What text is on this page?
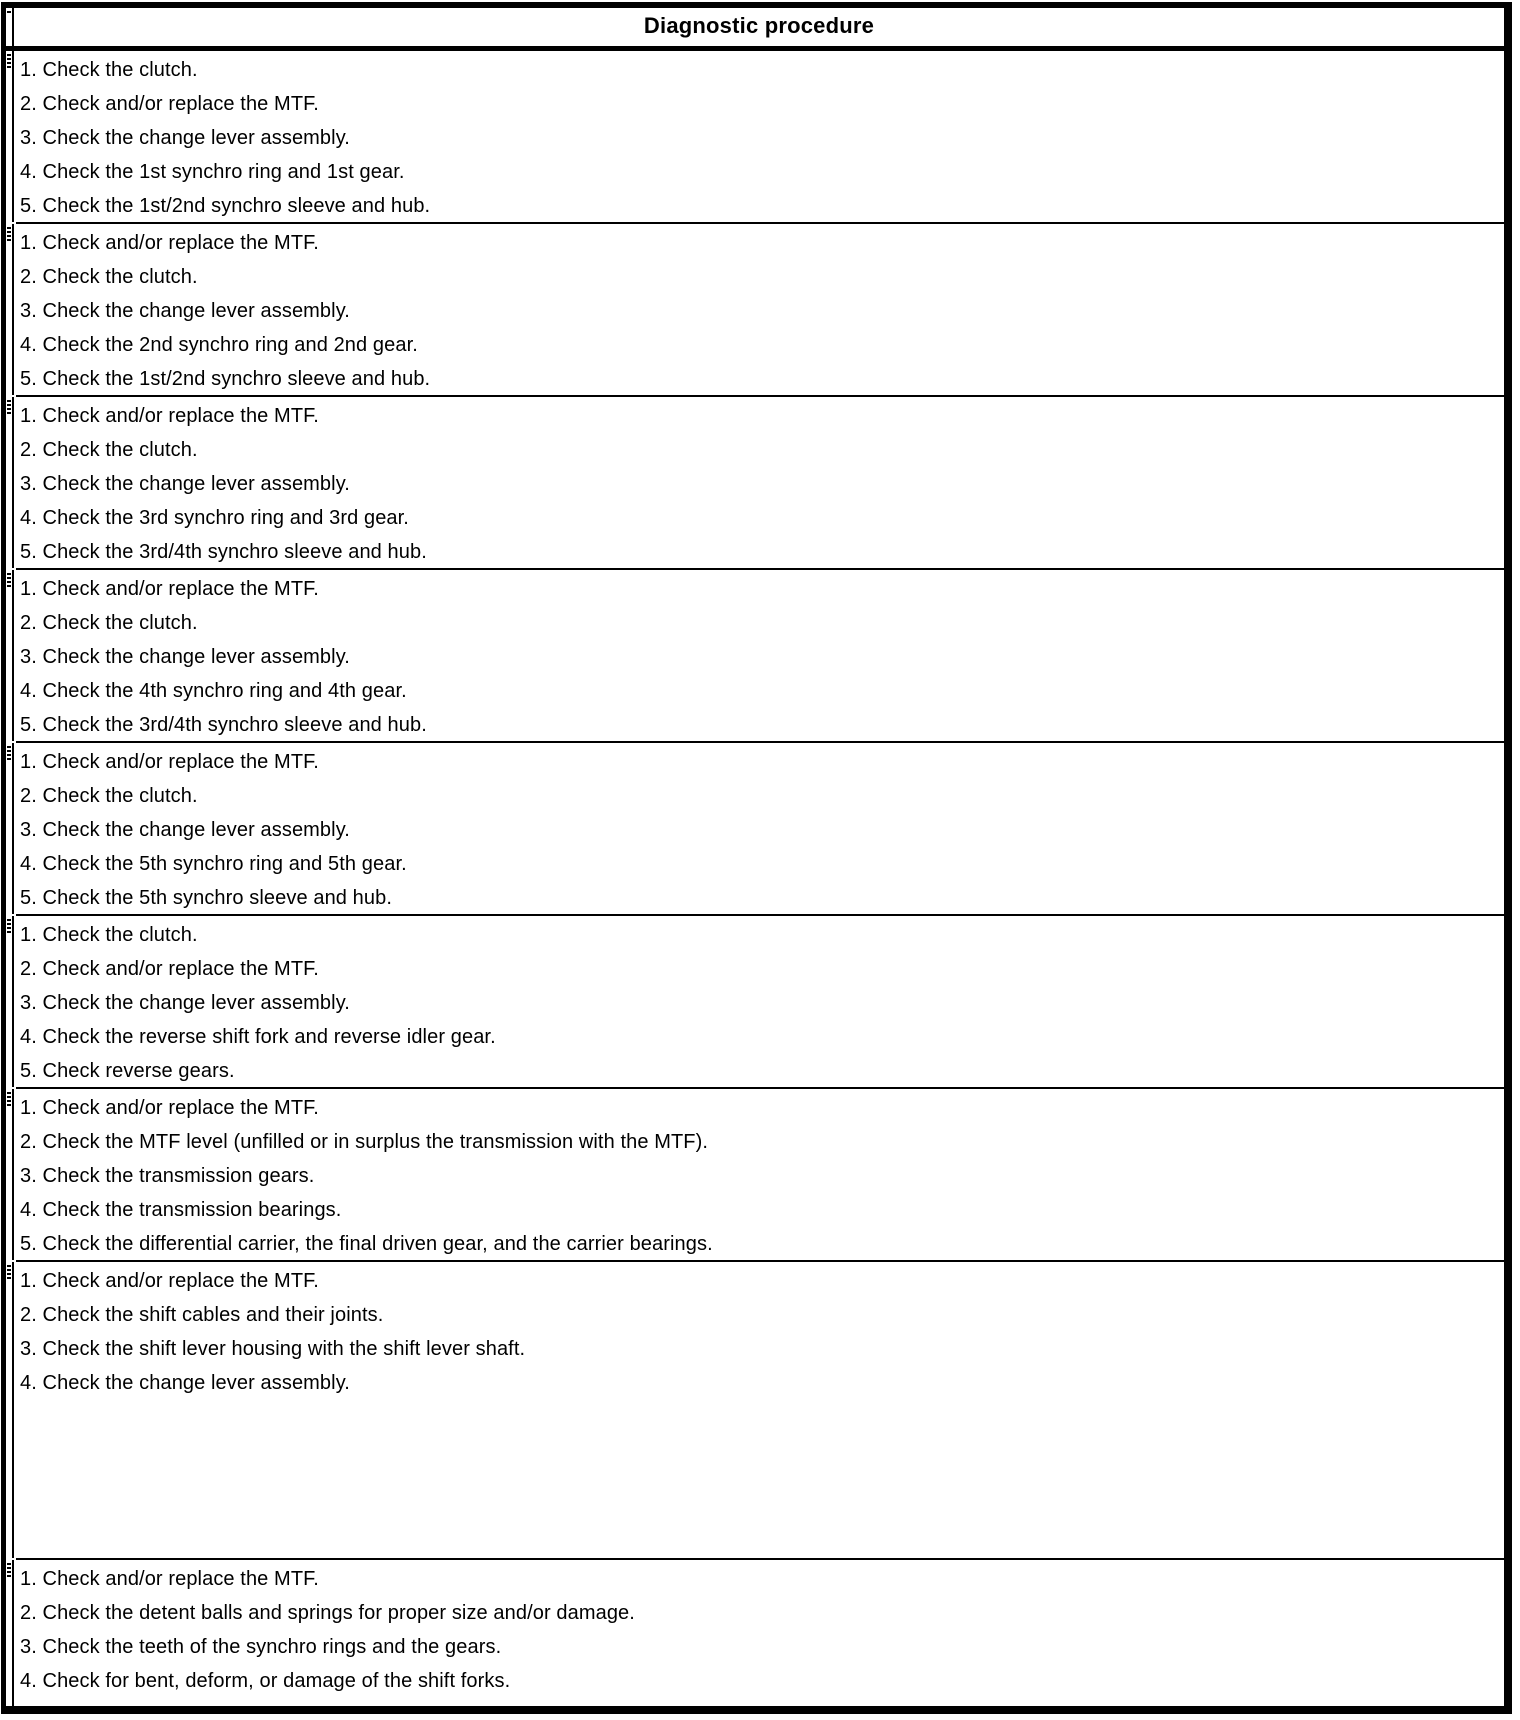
Diagnostic procedure
1. Check the clutch.
2. Check and/or replace the MTF.
3. Check the change lever assembly.
4. Check the 1st synchro ring and 1st gear.
5. Check the 1st/2nd synchro sleeve and hub.
1. Check and/or replace the MTF.
2. Check the clutch.
3. Check the change lever assembly.
4. Check the 2nd synchro ring and 2nd gear.
5. Check the 1st/2nd synchro sleeve and hub.
1. Check and/or replace the MTF.
2. Check the clutch.
3. Check the change lever assembly.
4. Check the 3rd synchro ring and 3rd gear.
5. Check the 3rd/4th synchro sleeve and hub.
1. Check and/or replace the MTF.
2. Check the clutch.
3. Check the change lever assembly.
4. Check the 4th synchro ring and 4th gear.
5. Check the 3rd/4th synchro sleeve and hub.
1. Check and/or replace the MTF.
2. Check the clutch.
3. Check the change lever assembly.
4. Check the 5th synchro ring and 5th gear.
5. Check the 5th synchro sleeve and hub.
1. Check the clutch.
2. Check and/or replace the MTF.
3. Check the change lever assembly.
4. Check the reverse shift fork and reverse idler gear.
5. Check reverse gears.
1. Check and/or replace the MTF.
2. Check the MTF level (unfilled or in surplus the transmission with the MTF).
3. Check the transmission gears.
4. Check the transmission bearings.
5. Check the differential carrier, the final driven gear, and the carrier bearings.
1. Check and/or replace the MTF.
2. Check the shift cables and their joints.
3. Check the shift lever housing with the shift lever shaft.
4. Check the change lever assembly.
1. Check and/or replace the MTF.
2. Check the detent balls and springs for proper size and/or damage.
3. Check the teeth of the synchro rings and the gears.
4. Check for bent, deform, or damage of the shift forks.
